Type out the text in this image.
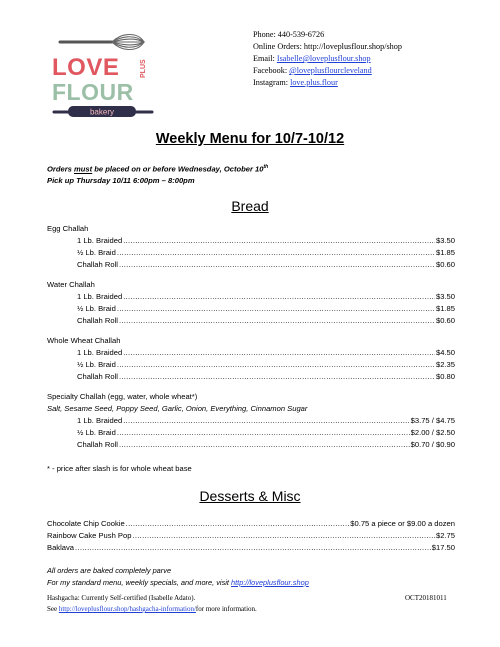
LOVE	PLUS
FLOUR
bakery
Phone: 440-539-6726
Online Orders: http://loveplusflour.shop/shop
Email: Isabelle@loveplusflour.shop
Facebook: @loveplusflourcleveland
Instagram: love.plus.flour
Weekly Menu for 10/7-10/12
Orders must be placed on or before Wednesday, October 10th
Pick up Thursday 10/11 6:00pm – 8:00pm
Bread
Egg Challah
1 Lb. Braided .....	$3.50
½ Lb. Braid .....	$1.85
Challah Roll .....	$0.60
Water Challah
1 Lb. Braided .....	$3.50
½ Lb. Braid .....	$1.85
Challah Roll .....	$0.60
Whole Wheat Challah
1 Lb. Braided .....	$4.50
½ Lb. Braid .....	$2.35
Challah Roll .....	$0.80
Specialty Challah (egg, water, whole wheat*)
Salt, Sesame Seed, Poppy Seed, Garlic, Onion, Everything, Cinnamon Sugar
1 Lb. Braided .....	$3.75 / $4.75
½ Lb. Braid .....	$2.00 / $2.50
Challah Roll .....	$0.70 / $0.90
* - price after slash is for whole wheat base
Desserts & Misc
Chocolate Chip Cookie .....	$0.75 a piece or $9.00 a dozen
Rainbow Cake Push Pop .....	$2.75
Baklava .....	$17.50
All orders are baked completely parve
For my standard menu, weekly specials, and more, visit http://loveplusflour.shop
Hashgacha: Currently Self-certified (Isabelle Adato).	OCT20181011
See http://loveplusflour.shop/hashgacha-information/for more information.
